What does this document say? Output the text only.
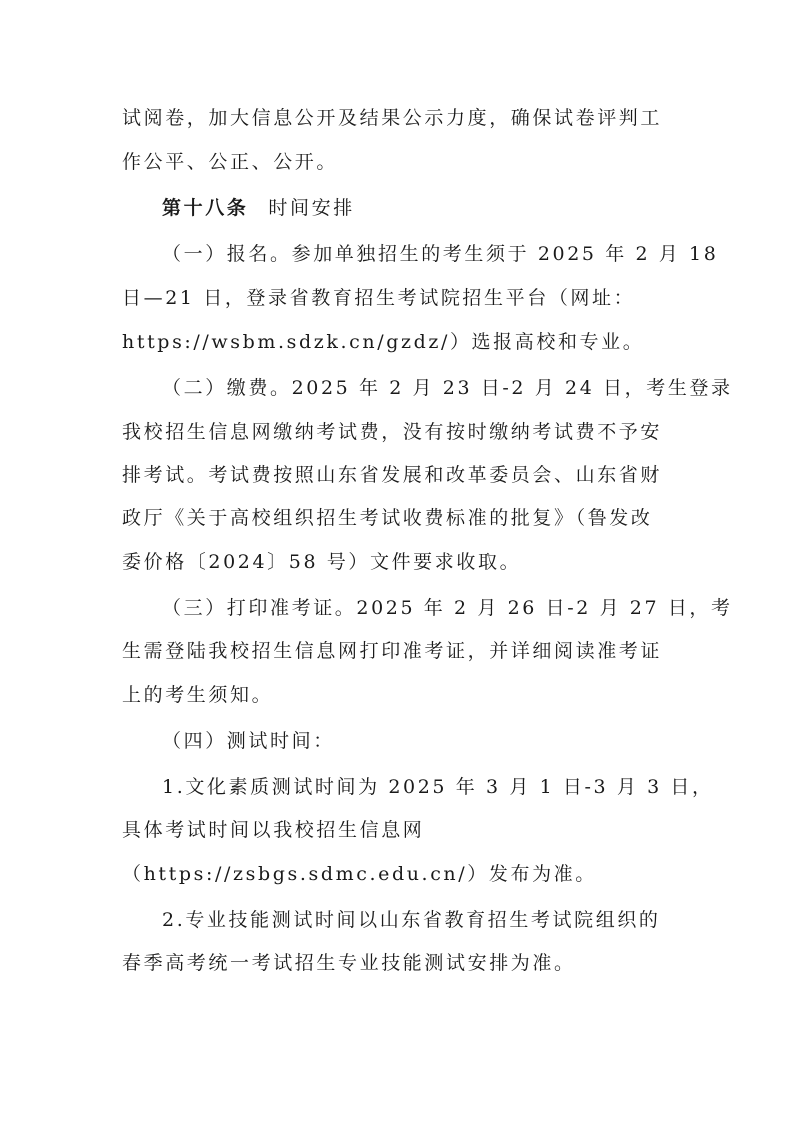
试阅卷，加大信息公开及结果公示力度，确保试卷评判工
作公平、公正、公开。
第十八条 时间安排
（一）报名。参加单独招生的考生须于 2025 年 2 月 18
日—21 日，登录省教育招生考试院招生平台（网址：
https://wsbm.sdzk.cn/gzdz/）选报高校和专业。
（二）缴费。2025 年 2 月 23 日-2 月 24 日，考生登录
我校招生信息网缴纳考试费，没有按时缴纳考试费不予安
排考试。考试费按照山东省发展和改革委员会、山东省财
政厅《关于高校组织招生考试收费标准的批复》（鲁发改
委价格〔2024〕58 号）文件要求收取。
（三）打印准考证。2025 年 2 月 26 日-2 月 27 日，考
生需登陆我校招生信息网打印准考证，并详细阅读准考证
上的考生须知。
（四）测试时间：
1.文化素质测试时间为 2025 年 3 月 1 日-3 月 3 日，
具体考试时间以我校招生信息网
（https://zsbgs.sdmc.edu.cn/）发布为准。
2.专业技能测试时间以山东省教育招生考试院组织的
春季高考统一考试招生专业技能测试安排为准。
